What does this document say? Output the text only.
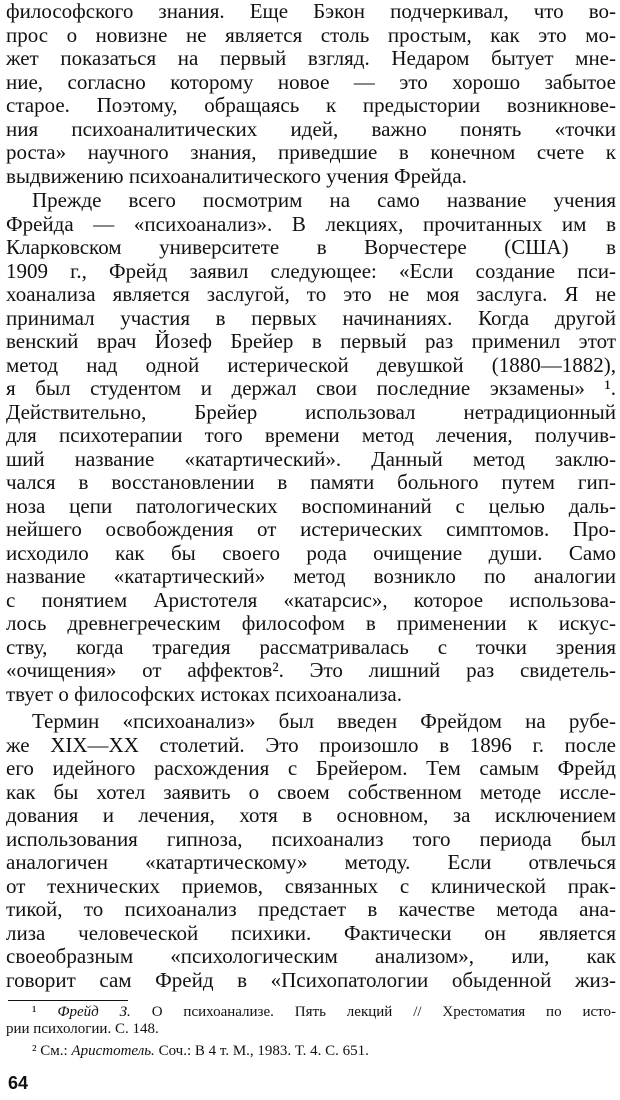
философского знания. Еще Бэкон подчеркивал, что во-
прос о новизне не является столь простым, как это мо-
жет показаться на первый взгляд. Недаром бытует мне-
ние, согласно которому новое — это хорошо забытое
старое. Поэтому, обращаясь к предыстории возникнове-
ния психоаналитических идей, важно понять «точки
роста» научного знания, приведшие в конечном счете к
выдвижению психоаналитического учения Фрейда.
Прежде всего посмотрим на само название учения
Фрейда — «психоанализ». В лекциях, прочитанных им в
Кларковском университете в Ворчестере (США) в
1909 г., Фрейд заявил следующее: «Если создание пси-
хоанализа является заслугой, то это не моя заслуга. Я не
принимал участия в первых начинаниях. Когда другой
венский врач Йозеф Брейер в первый раз применил этот
метод над одной истерической девушкой (1880—1882),
я был студентом и держал свои последние экзамены» ¹.
Действительно, Брейер использовал нетрадиционный
для психотерапии того времени метод лечения, получив-
ший название «катартический». Данный метод заклю-
чался в восстановлении в памяти больного путем гип-
ноза цепи патологических воспоминаний с целью даль-
нейшего освобождения от истерических симптомов. Про-
исходило как бы своего рода очищение души. Само
название «катартический» метод возникло по аналогии
с понятием Аристотеля «катарсис», которое использова-
лось древнегреческим философом в применении к искус-
ству, когда трагедия рассматривалась с точки зрения
«очищения» от аффектов². Это лишний раз свидетель-
твует о философских истоках психоанализа.
Термин «психоанализ» был введен Фрейдом на рубе-
же XIX—XX столетий. Это произошло в 1896 г. после
его идейного расхождения с Брейером. Тем самым Фрейд
как бы хотел заявить о своем собственном методе иссле-
дования и лечения, хотя в основном, за исключением
использования гипноза, психоанализ того периода был
аналогичен «катартическому» методу. Если отвлечься
от технических приемов, связанных с клинической прак-
тикой, то психоанализ предстает в качестве метода ана-
лиза человеческой психики. Фактически он является
своеобразным «психологическим анализом», или, как
говорит сам Фрейд в «Психопатологии обыденной жиз-
¹ Фрейд З. О психоанализе. Пять лекций // Хрестоматия по исто-
рии психологии. С. 148.
² См.: Аристотель. Соч.: В 4 т. М., 1983. Т. 4. С. 651.
64
